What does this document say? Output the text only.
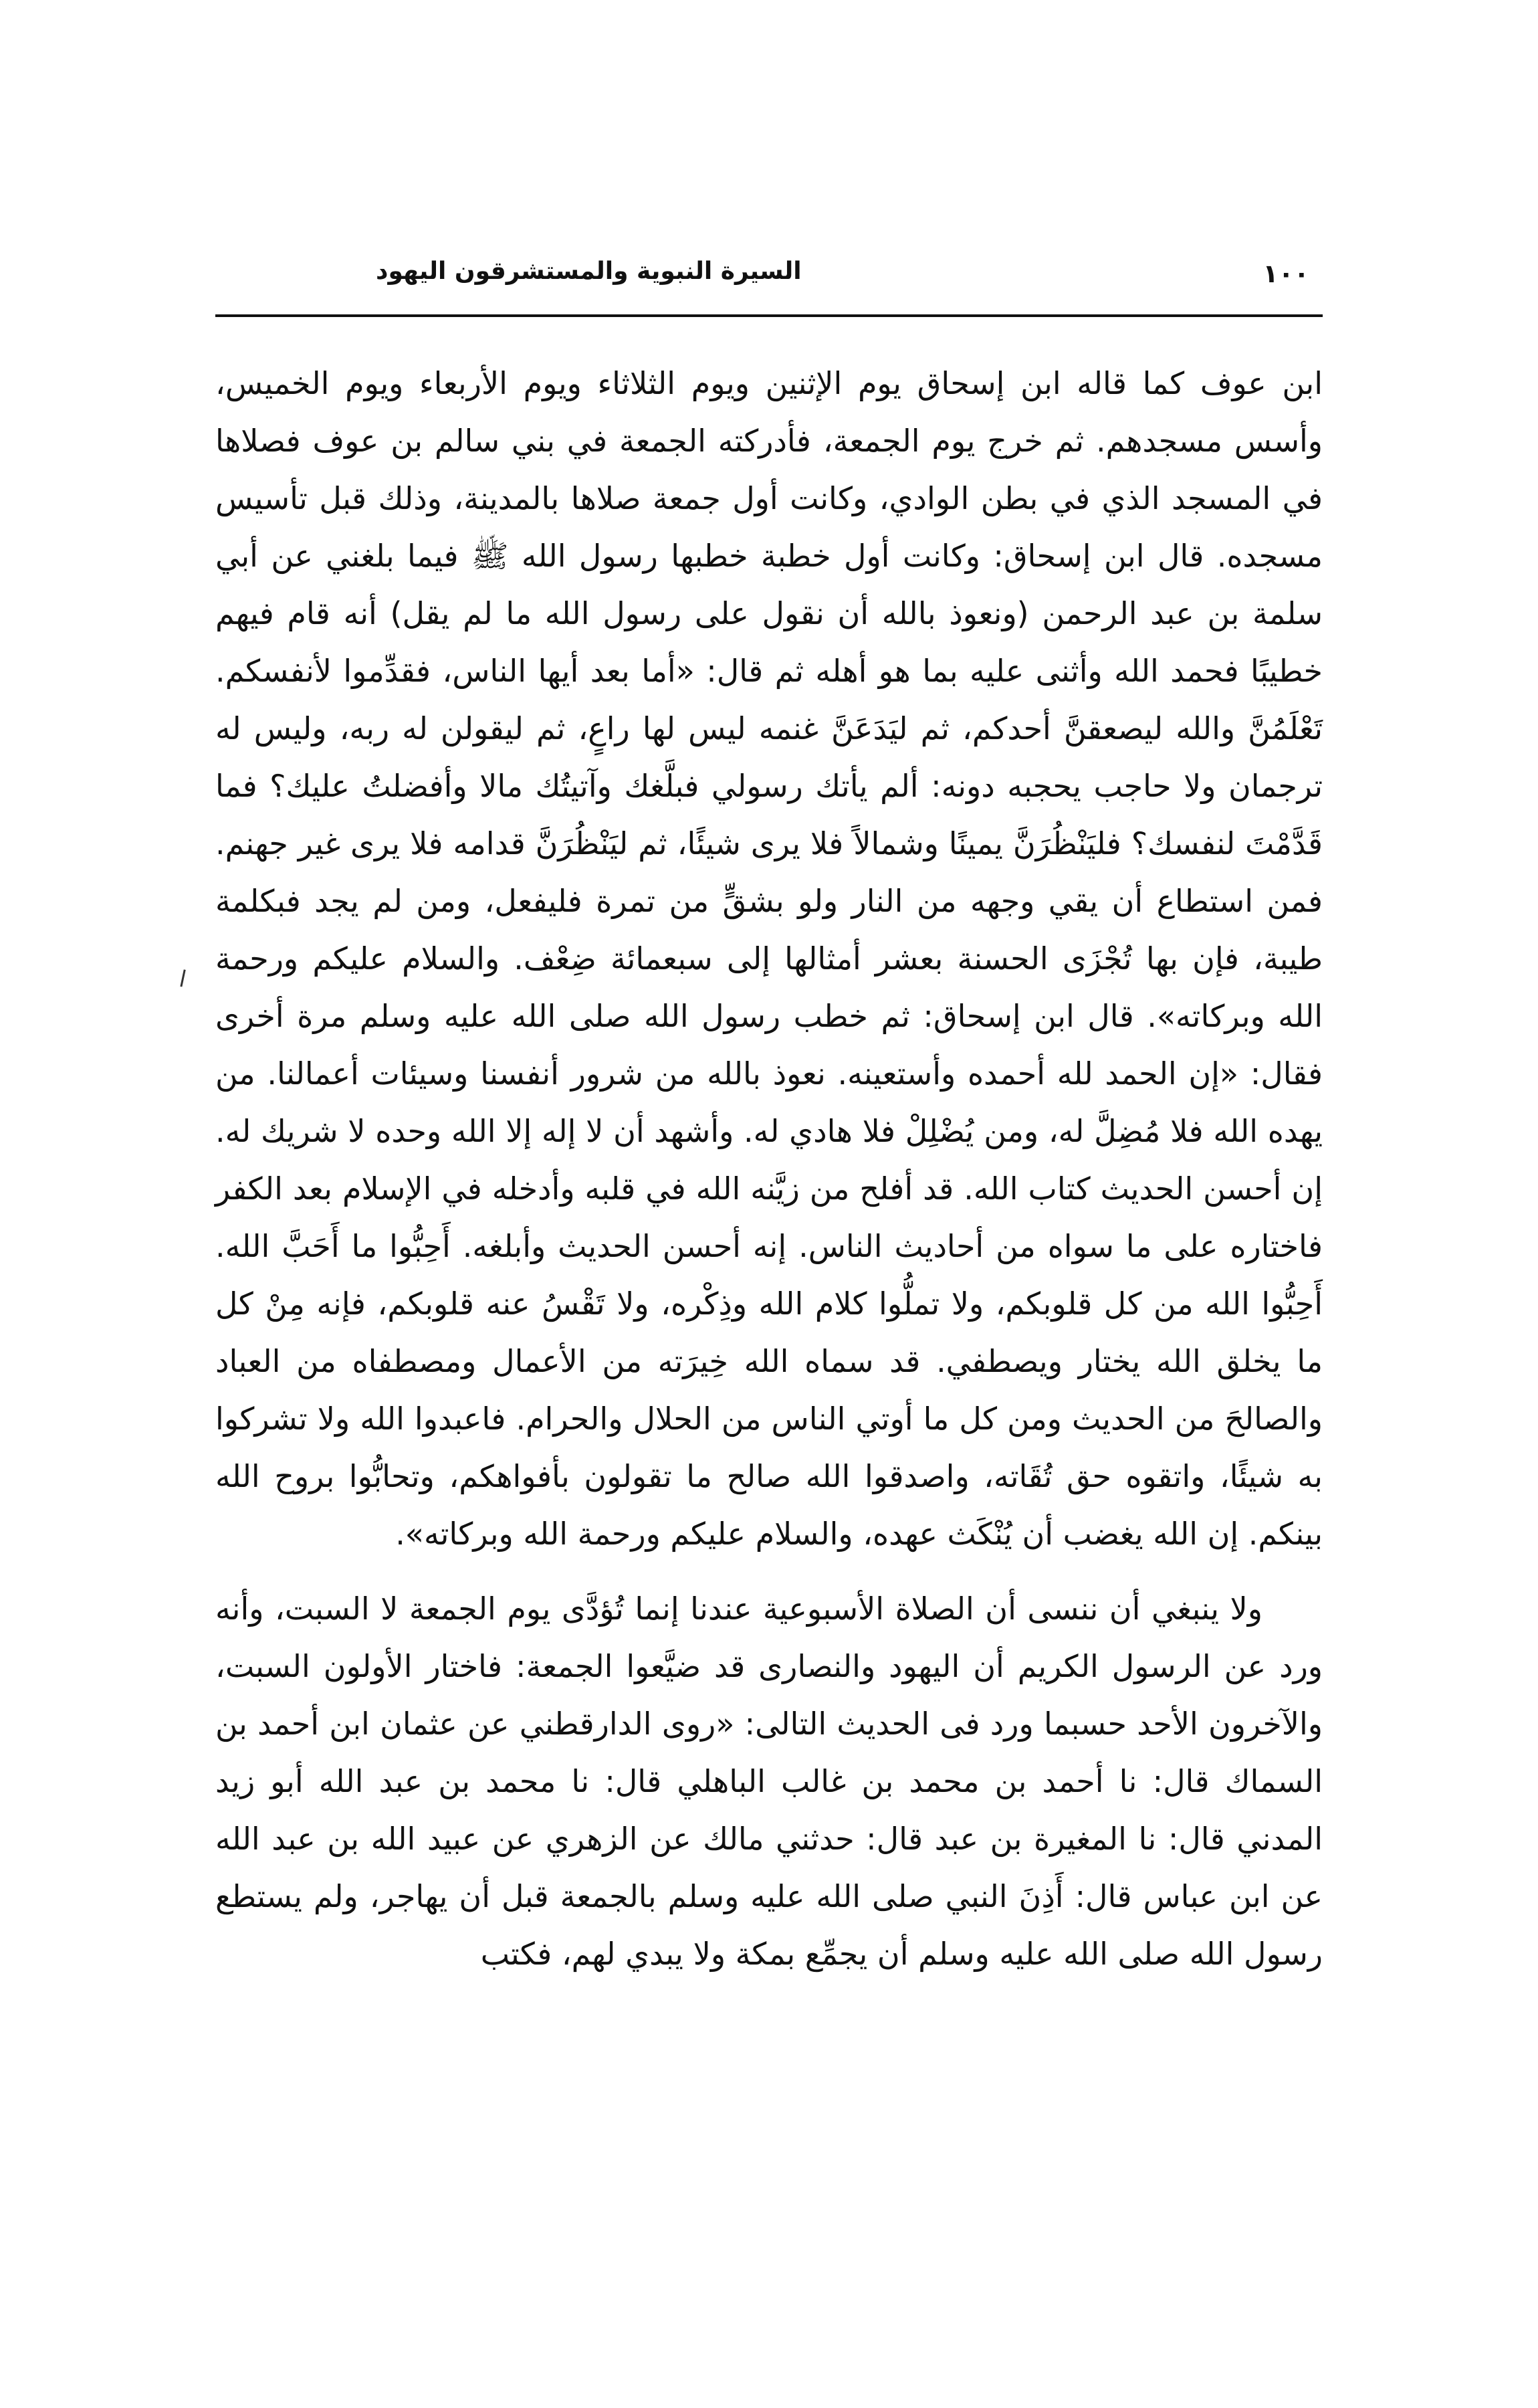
١٠٠
السيرة النبوية والمستشرقون اليهود

ابن عوف كما قاله ابن إسحاق يوم الإثنين ويوم الثلاثاء ويوم الأربعاء ويوم الخميس، وأسس مسجدهم. ثم خرج يوم الجمعة، فأدركته الجمعة في بني سالم بن عوف فصلاها في المسجد الذي في بطن الوادي، وكانت أول جمعة صلاها بالمدينة، وذلك قبل تأسيس مسجده. قال ابن إسحاق: وكانت أول خطبة خطبها رسول الله ﷺ فيما بلغني عن أبي سلمة بن عبد الرحمن (ونعوذ بالله أن نقول على رسول الله ما لم يقل) أنه قام فيهم خطيبًا فحمد الله وأثنى عليه بما هو أهله ثم قال: «أما بعد أيها الناس، فقدِّموا لأنفسكم. تَعْلَمُنَّ والله ليصعقنَّ أحدكم، ثم ليَدَعَنَّ غنمه ليس لها راعٍ، ثم ليقولن له ربه، وليس له ترجمان ولا حاجب يحجبه دونه: ألم يأتك رسولي فبلَّغك وآتيتُك مالا وأفضلتُ عليك؟ فما قَدَّمْتَ لنفسك؟ فليَنْظُرَنَّ يمينًا وشمالاً فلا يرى شيئًا، ثم ليَنْظُرَنَّ قدامه فلا يرى غير جهنم. فمن استطاع أن يقي وجهه من النار ولو بشقٍّ من تمرة فليفعل، ومن لم يجد فبكلمة طيبة، فإن بها تُجْزَى الحسنة بعشر أمثالها إلى سبعمائة ضِعْف. والسلام عليكم ورحمة الله وبركاته». قال ابن إسحاق: ثم خطب رسول الله صلى الله عليه وسلم مرة أخرى فقال: «إن الحمد لله أحمده وأستعينه. نعوذ بالله من شرور أنفسنا وسيئات أعمالنا. من يهده الله فلا مُضِلَّ له، ومن يُضْلِلْ فلا هادي له. وأشهد أن لا إله إلا الله وحده لا شريك له. إن أحسن الحديث كتاب الله. قد أفلح من زيَّنه الله في قلبه وأدخله في الإسلام بعد الكفر فاختاره على ما سواه من أحاديث الناس. إنه أحسن الحديث وأبلغه. أَحِبُّوا ما أَحَبَّ الله. أَحِبُّوا الله من كل قلوبكم، ولا تملُّوا كلام الله وذِكْره، ولا تَقْسُ عنه قلوبكم، فإنه مِنْ كل ما يخلق الله يختار ويصطفي. قد سماه الله خِيرَته من الأعمال ومصطفاه من العباد والصالحَ من الحديث ومن كل ما أوتي الناس من الحلال والحرام. فاعبدوا الله ولا تشركوا به شيئًا، واتقوه حق تُقَاته، واصدقوا الله صالح ما تقولون بأفواهكم، وتحابُّوا بروح الله بينكم. إن الله يغضب أن يُنْكَث عهده، والسلام عليكم ورحمة الله وبركاته».

ولا ينبغي أن ننسى أن الصلاة الأسبوعية عندنا إنما تُؤدَّى يوم الجمعة لا السبت، وأنه ورد عن الرسول الكريم أن اليهود والنصارى قد ضيَّعوا الجمعة: فاختار الأولون السبت، والآخرون الأحد حسبما ورد فى الحديث التالى: «روى الدارقطني عن عثمان ابن أحمد بن السماك قال: نا أحمد بن محمد بن غالب الباهلي قال: نا محمد بن عبد الله أبو زيد المدني قال: نا المغيرة بن عبد قال: حدثني مالك عن الزهري عن عبيد الله بن عبد الله عن ابن عباس قال: أَذِنَ النبي صلى الله عليه وسلم بالجمعة قبل أن يهاجر، ولم يستطع رسول الله صلى الله عليه وسلم أن يجمِّع بمكة ولا يبدي لهم، فكتب
